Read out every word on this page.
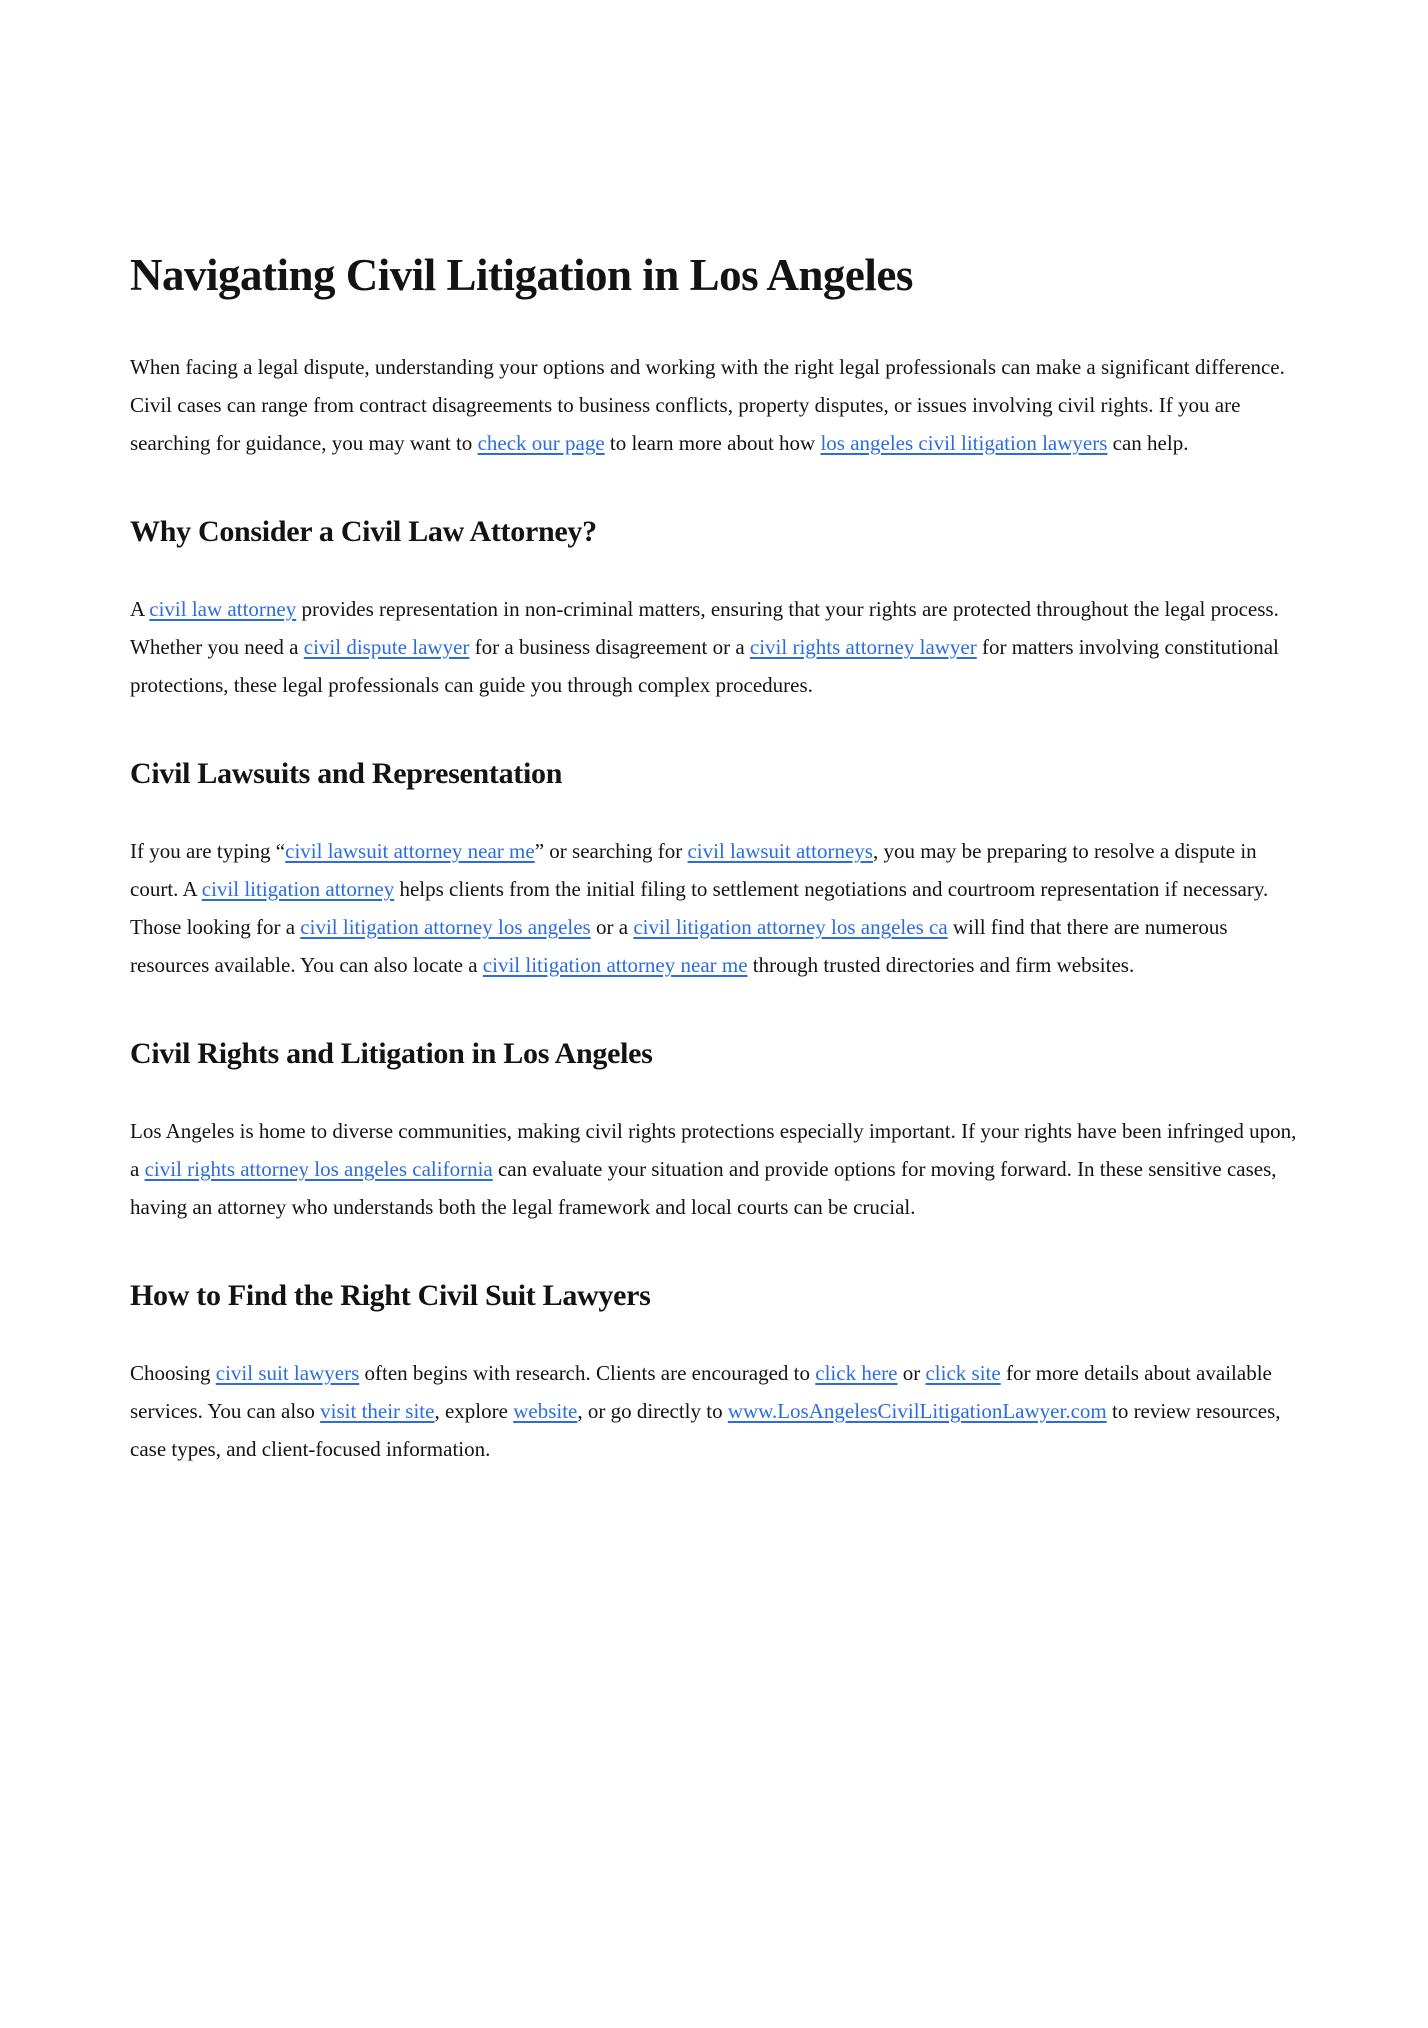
Navigating Civil Litigation in Los Angeles

When facing a legal dispute, understanding your options and working with the right legal professionals can make a significant difference. Civil cases can range from contract disagreements to business conflicts, property disputes, or issues involving civil rights. If you are searching for guidance, you may want to check our page to learn more about how los angeles civil litigation lawyers can help.

Why Consider a Civil Law Attorney?

A civil law attorney provides representation in non-criminal matters, ensuring that your rights are protected throughout the legal process. Whether you need a civil dispute lawyer for a business disagreement or a civil rights attorney lawyer for matters involving constitutional protections, these legal professionals can guide you through complex procedures.

Civil Lawsuits and Representation

If you are typing “civil lawsuit attorney near me” or searching for civil lawsuit attorneys, you may be preparing to resolve a dispute in court. A civil litigation attorney helps clients from the initial filing to settlement negotiations and courtroom representation if necessary. Those looking for a civil litigation attorney los angeles or a civil litigation attorney los angeles ca will find that there are numerous resources available. You can also locate a civil litigation attorney near me through trusted directories and firm websites.

Civil Rights and Litigation in Los Angeles

Los Angeles is home to diverse communities, making civil rights protections especially important. If your rights have been infringed upon, a civil rights attorney los angeles california can evaluate your situation and provide options for moving forward. In these sensitive cases, having an attorney who understands both the legal framework and local courts can be crucial.

How to Find the Right Civil Suit Lawyers

Choosing civil suit lawyers often begins with research. Clients are encouraged to click here or click site for more details about available services. You can also visit their site, explore website, or go directly to www.LosAngelesCivilLitigationLawyer.com to review resources, case types, and client-focused information.
